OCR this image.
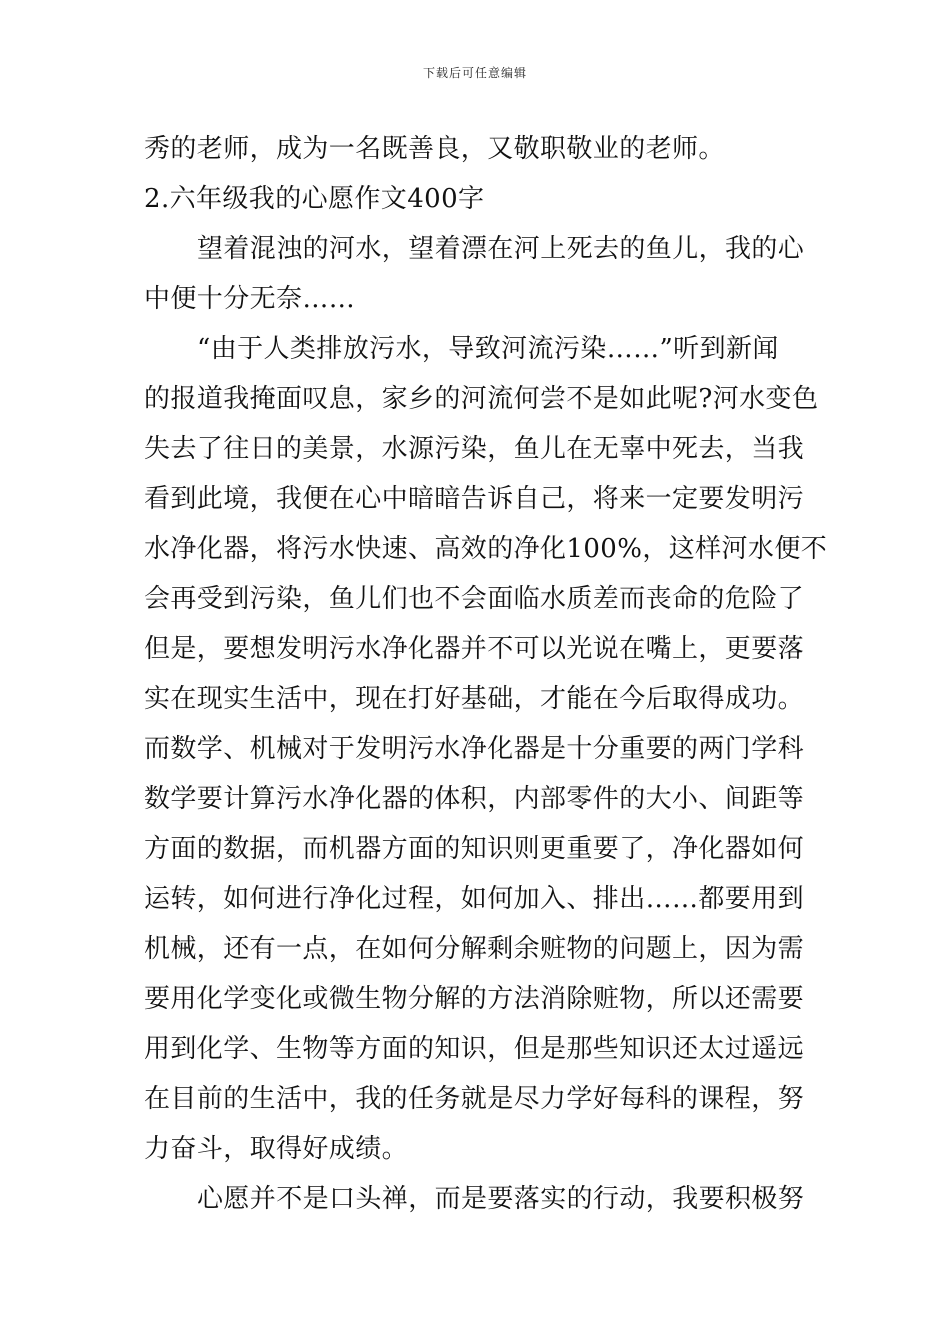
下载后可任意编辑
秀的老师，成为一名既善良，又敬职敬业的老师。
2.六年级我的心愿作文400字
望着混浊的河水，望着漂在河上死去的鱼儿，我的心
中便十分无奈……
“由于人类排放污水，导致河流污染……”听到新闻
的报道我掩面叹息，家乡的河流何尝不是如此呢?河水变色
失去了往日的美景，水源污染，鱼儿在无辜中死去，当我
看到此境，我便在心中暗暗告诉自己，将来一定要发明污
水净化器，将污水快速、高效的净化100%，这样河水便不
会再受到污染，鱼儿们也不会面临水质差而丧命的危险了
但是，要想发明污水净化器并不可以光说在嘴上，更要落
实在现实生活中，现在打好基础，才能在今后取得成功。
而数学、机械对于发明污水净化器是十分重要的两门学科
数学要计算污水净化器的体积，内部零件的大小、间距等
方面的数据，而机器方面的知识则更重要了，净化器如何
运转，如何进行净化过程，如何加入、排出……都要用到
机械，还有一点，在如何分解剩余赃物的问题上，因为需
要用化学变化或微生物分解的方法消除赃物，所以还需要
用到化学、生物等方面的知识，但是那些知识还太过遥远
在目前的生活中，我的任务就是尽力学好每科的课程，努
力奋斗，取得好成绩。
心愿并不是口头禅，而是要落实的行动，我要积极努
